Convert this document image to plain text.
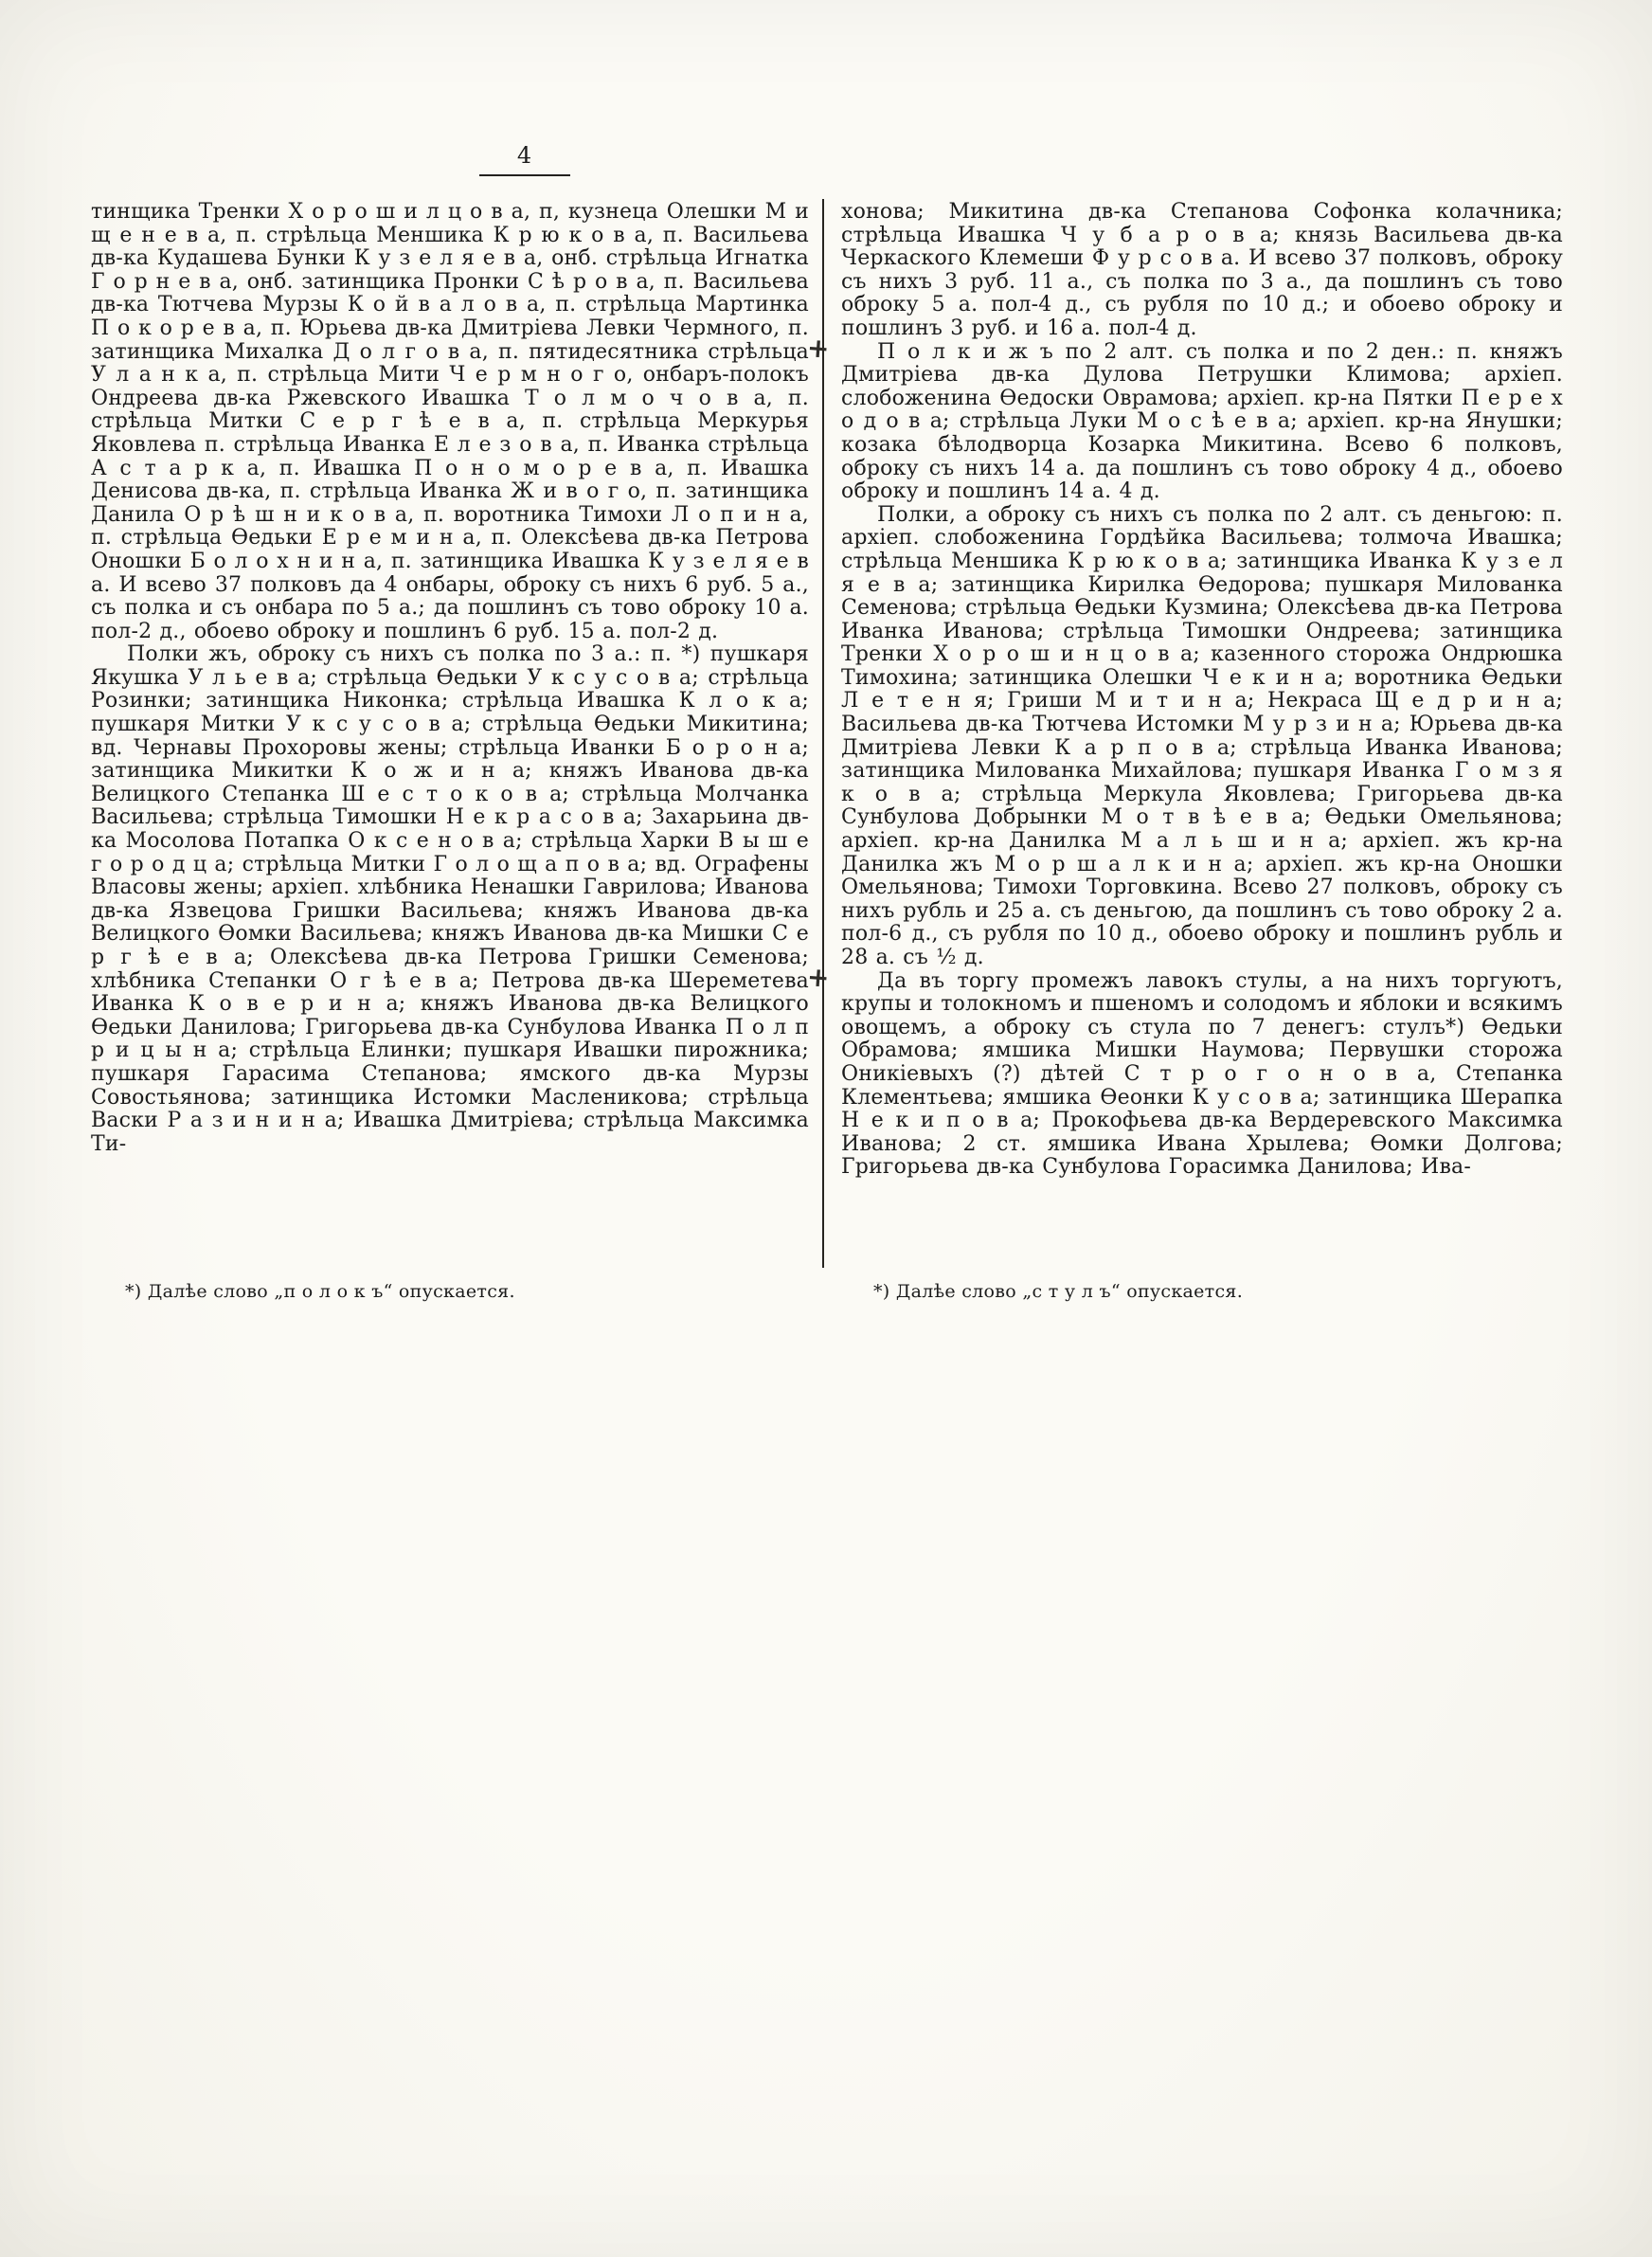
4

тинщика Тренки Х о р о ш и л ц о в а, п, кузнеца Олешки М и щ е н е в а, п. стрѣльца Меншика К р ю к о в а, п. Васильева дв-ка Кудашева Бунки К у з е л я е в а, онб. стрѣльца Игнатка Г о р н е в а, онб. затинщика Пронки С ѣ р о в а, п. Васильева дв-ка Тютчева Мурзы К о й в а л о в а, п. стрѣльца Мартинка П о к о р е в а, п. Юрьева дв-ка Дмитріева Левки Чермного, п. затинщика Михалка Д о л г о в а, п. пятидесятника стрѣльца У л а н к а, п. стрѣльца Мити Ч е р м н о г о, онбаръ-полокъ Ондреева дв-ка Ржевского Ивашка Т о л м о ч о в а, п. стрѣльца Митки С е р г ѣ е в а, п. стрѣльца Меркурья Яковлева п. стрѣльца Иванка Е л е з о в а, п. Иванка стрѣльца А с т а р к а, п. Ивашка П о н о м о р е в а, п. Ивашка Денисова дв-ка, п. стрѣльца Иванка Ж и в о г о, п. затинщика Данила О р ѣ ш н и к о в а, п. воротника Тимохи Л о п и н а, п. стрѣльца Ѳедьки Е р е м и н а, п. Олексѣева дв-ка Петрова Оношки Б о л о х н и н а, п. затинщика Ивашка К у з е л я е в а. И всево 37 полковъ да 4 онбары, оброку съ нихъ 6 руб. 5 а., съ полка и съ онбара по 5 а.; да пошлинъ съ тово оброку 10 а. пол-2 д., обоево оброку и пошлинъ 6 руб. 15 а. пол-2 д.

Полки жъ, оброку съ нихъ съ полка по 3 а.: п. *) пушкаря Якушка У л ь е в а; стрѣльца Ѳедьки У к с у с о в а; стрѣльца Розинки; затинщика Никонка; стрѣльца Ивашка К л о к а; пушкаря Митки У к с у с о в а; стрѣльца Ѳедьки Микитина; вд. Чернавы Прохоровы жены; стрѣльца Иванки Б о р о н а; затинщика Микитки К о ж и н а; княжъ Иванова дв-ка Велицкого Степанка Ш е с т о к о в а; стрѣльца Молчанка Васильева; стрѣльца Тимошки Н е к р а с о в а; Захарьина дв-ка Мосолова Потапка О к с е н о в а; стрѣльца Харки В ы ш е г о р о д ц а; стрѣльца Митки Г о л о щ а п о в а; вд. Ографены Власовы жены; архіеп. хлѣбника Ненашки Гаврилова; Иванова дв-ка Язвецова Гришки Васильева; княжъ Иванова дв-ка Велицкого Ѳомки Васильева; княжъ Иванова дв-ка Мишки С е р г ѣ е в а; Олексѣева дв-ка Петрова Гришки Семенова; хлѣбника Степанки О г ѣ е в а; Петрова дв-ка Шереметева Иванка К о в е р и н а; княжъ Иванова дв-ка Велицкого Ѳедьки Данилова; Григорьева дв-ка Сунбулова Иванка П о л п р и ц ы н а; стрѣльца Елинки; пушкаря Ивашки пирожника; пушкаря Гарасима Степанова; ямского дв-ка Мурзы Совостьянова; затинщика Истомки Масленикова; стрѣльца Васки Р а з и н и н а; Ивашка Дмитріева; стрѣльца Максимка Ти-

хонова; Микитина дв-ка Степанова Софонка колачника; стрѣльца Ивашка Ч у б а р о в а; князь Васильева дв-ка Черкаского Клемеши Ф у р с о в а. И всево 37 полковъ, оброку съ нихъ 3 руб. 11 а., съ полка по 3 а., да пошлинъ съ тово оброку 5 а. пол-4 д., съ рубля по 10 д.; и обоево оброку и пошлинъ 3 руб. и 16 а. пол-4 д.

+ П о л к и ж ъ по 2 алт. съ полка и по 2 ден.: п. княжъ Дмитріева дв-ка Дулова Петрушки Климова; архіеп. слобоженина Ѳедоски Оврамова; архіеп. кр-на Пятки П е р е х о д о в а; стрѣльца Луки М о с ѣ е в а; архіеп. кр-на Янушки; козака бѣлодворца Козарка Микитина. Всево 6 полковъ, оброку съ нихъ 14 а. да пошлинъ съ тово оброку 4 д., обоево оброку и пошлинъ 14 а. 4 д.

Полки, а оброку съ нихъ съ полка по 2 алт. съ деньгою: п. архіеп. слобоженина Гордѣйка Васильева; толмоча Ивашка; стрѣльца Меншика К р ю к о в а; затинщика Иванка К у з е л я е в а; затинщика Кирилка Ѳедорова; пушкаря Милованка Семенова; стрѣльца Ѳедьки Кузмина; Олексѣева дв-ка Петрова Иванка Иванова; стрѣльца Тимошки Ондреева; затинщика Тренки Х о р о ш и н ц о в а; казенного сторожа Ондрюшка Тимохина; затинщика Олешки Ч е к и н а; воротника Ѳедьки Л е т е н я; Гриши М и т и н а; Некраса Щ е д р и н а; Васильева дв-ка Тютчева Истомки М у р з и н а; Юрьева дв-ка Дмитріева Левки К а р п о в а; стрѣльца Иванка Иванова; затинщика Милованка Михайлова; пушкаря Иванка Г о м з я к о в а; стрѣльца Меркула Яковлева; Григорьева дв-ка Сунбулова Добрынки М о т в ѣ е в а; Ѳедьки Омельянова; архіеп. кр-на Данилка М а л ь ш и н а; архіеп. жъ кр-на Данилка жъ М о р ш а л к и н а; архіеп. жъ кр-на Оношки Омельянова; Тимохи Торговкина. Всево 27 полковъ, оброку съ нихъ рубль и 25 а. съ деньгою, да пошлинъ съ тово оброку 2 а. пол-6 д., съ рубля по 10 д., обоево оброку и пошлинъ рубль и 28 а. съ ½ д.

+ Да въ торгу промежъ лавокъ стулы, а на нихъ торгуютъ, крупы и толокномъ и пшеномъ и солодомъ и яблоки и всякимъ овощемъ, а оброку съ стула по 7 денегъ: стулъ*) Ѳедьки Обрамова; ямшика Мишки Наумова; Первушки сторожа Оникіевыхъ (?) дѣтей С т р о г о н о в а, Степанка Клементьева; ямшика Ѳеонки К у с о в а; затинщика Шерапка Н е к и п о в а; Прокофьева дв-ка Вердеревского Максимка Иванова; 2 ст. ямшика Ивана Хрылева; Ѳомки Долгова; Григорьева дв-ка Сунбулова Горасимка Данилова; Ива-

*) Далѣе слово „п о л о к ъ“ опускается.	*) Далѣе слово „с т у л ъ“ опускается.
